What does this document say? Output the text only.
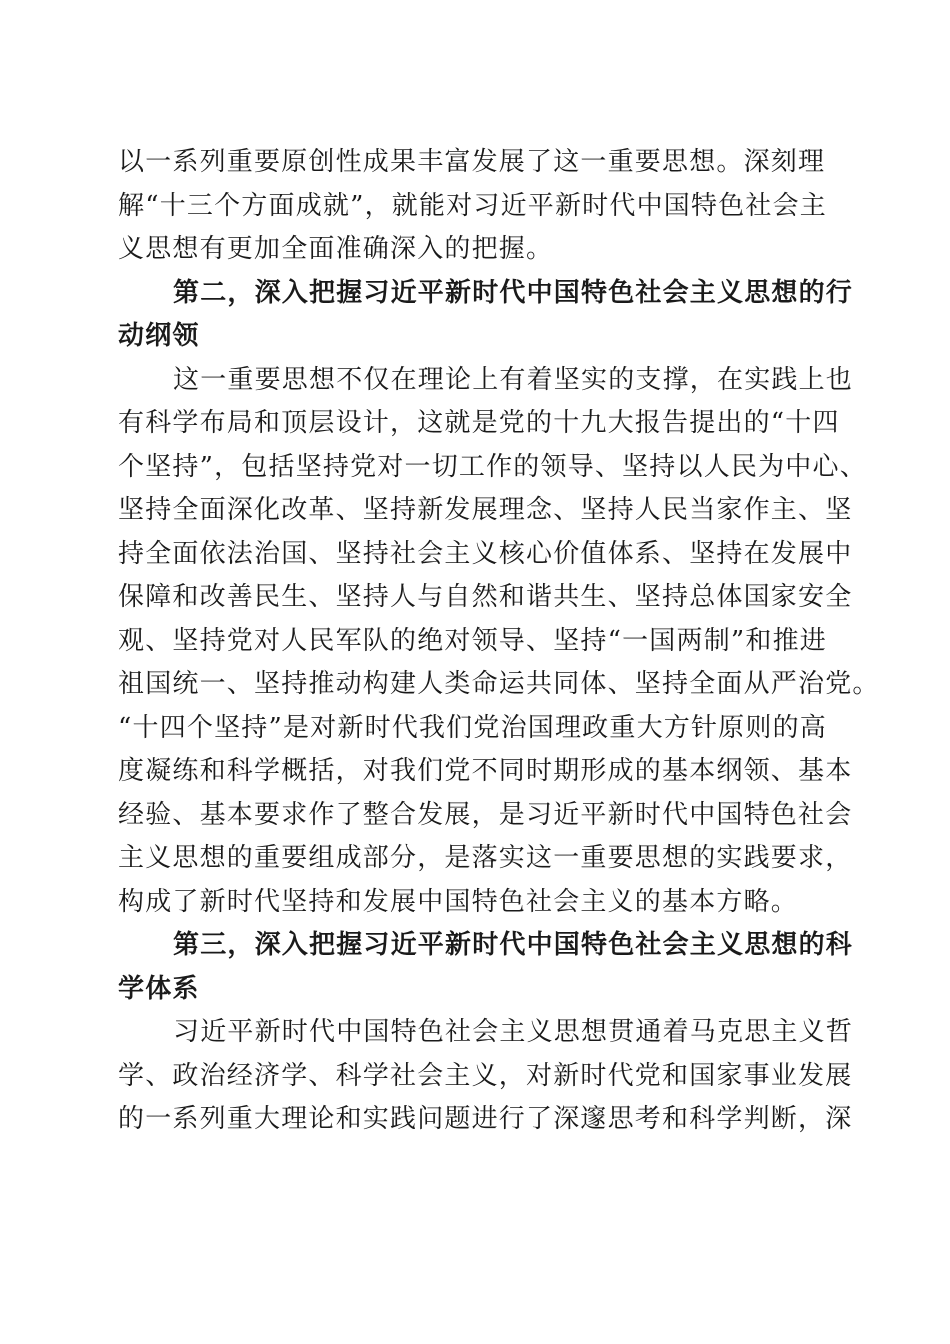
以一系列重要原创性成果丰富发展了这一重要思想。深刻理
解“十三个方面成就”，就能对习近平新时代中国特色社会主
义思想有更加全面准确深入的把握。
第二，深入把握习近平新时代中国特色社会主义思想的行
动纲领
这一重要思想不仅在理论上有着坚实的支撑，在实践上也
有科学布局和顶层设计，这就是党的十九大报告提出的“十四
个坚持”，包括坚持党对一切工作的领导、坚持以人民为中心、
坚持全面深化改革、坚持新发展理念、坚持人民当家作主、坚
持全面依法治国、坚持社会主义核心价值体系、坚持在发展中
保障和改善民生、坚持人与自然和谐共生、坚持总体国家安全
观、坚持党对人民军队的绝对领导、坚持“一国两制”和推进
祖国统一、坚持推动构建人类命运共同体、坚持全面从严治党。
“十四个坚持”是对新时代我们党治国理政重大方针原则的高
度凝练和科学概括，对我们党不同时期形成的基本纲领、基本
经验、基本要求作了整合发展，是习近平新时代中国特色社会
主义思想的重要组成部分，是落实这一重要思想的实践要求，
构成了新时代坚持和发展中国特色社会主义的基本方略。
第三，深入把握习近平新时代中国特色社会主义思想的科
学体系
习近平新时代中国特色社会主义思想贯通着马克思主义哲
学、政治经济学、科学社会主义，对新时代党和国家事业发展
的一系列重大理论和实践问题进行了深邃思考和科学判断，深
